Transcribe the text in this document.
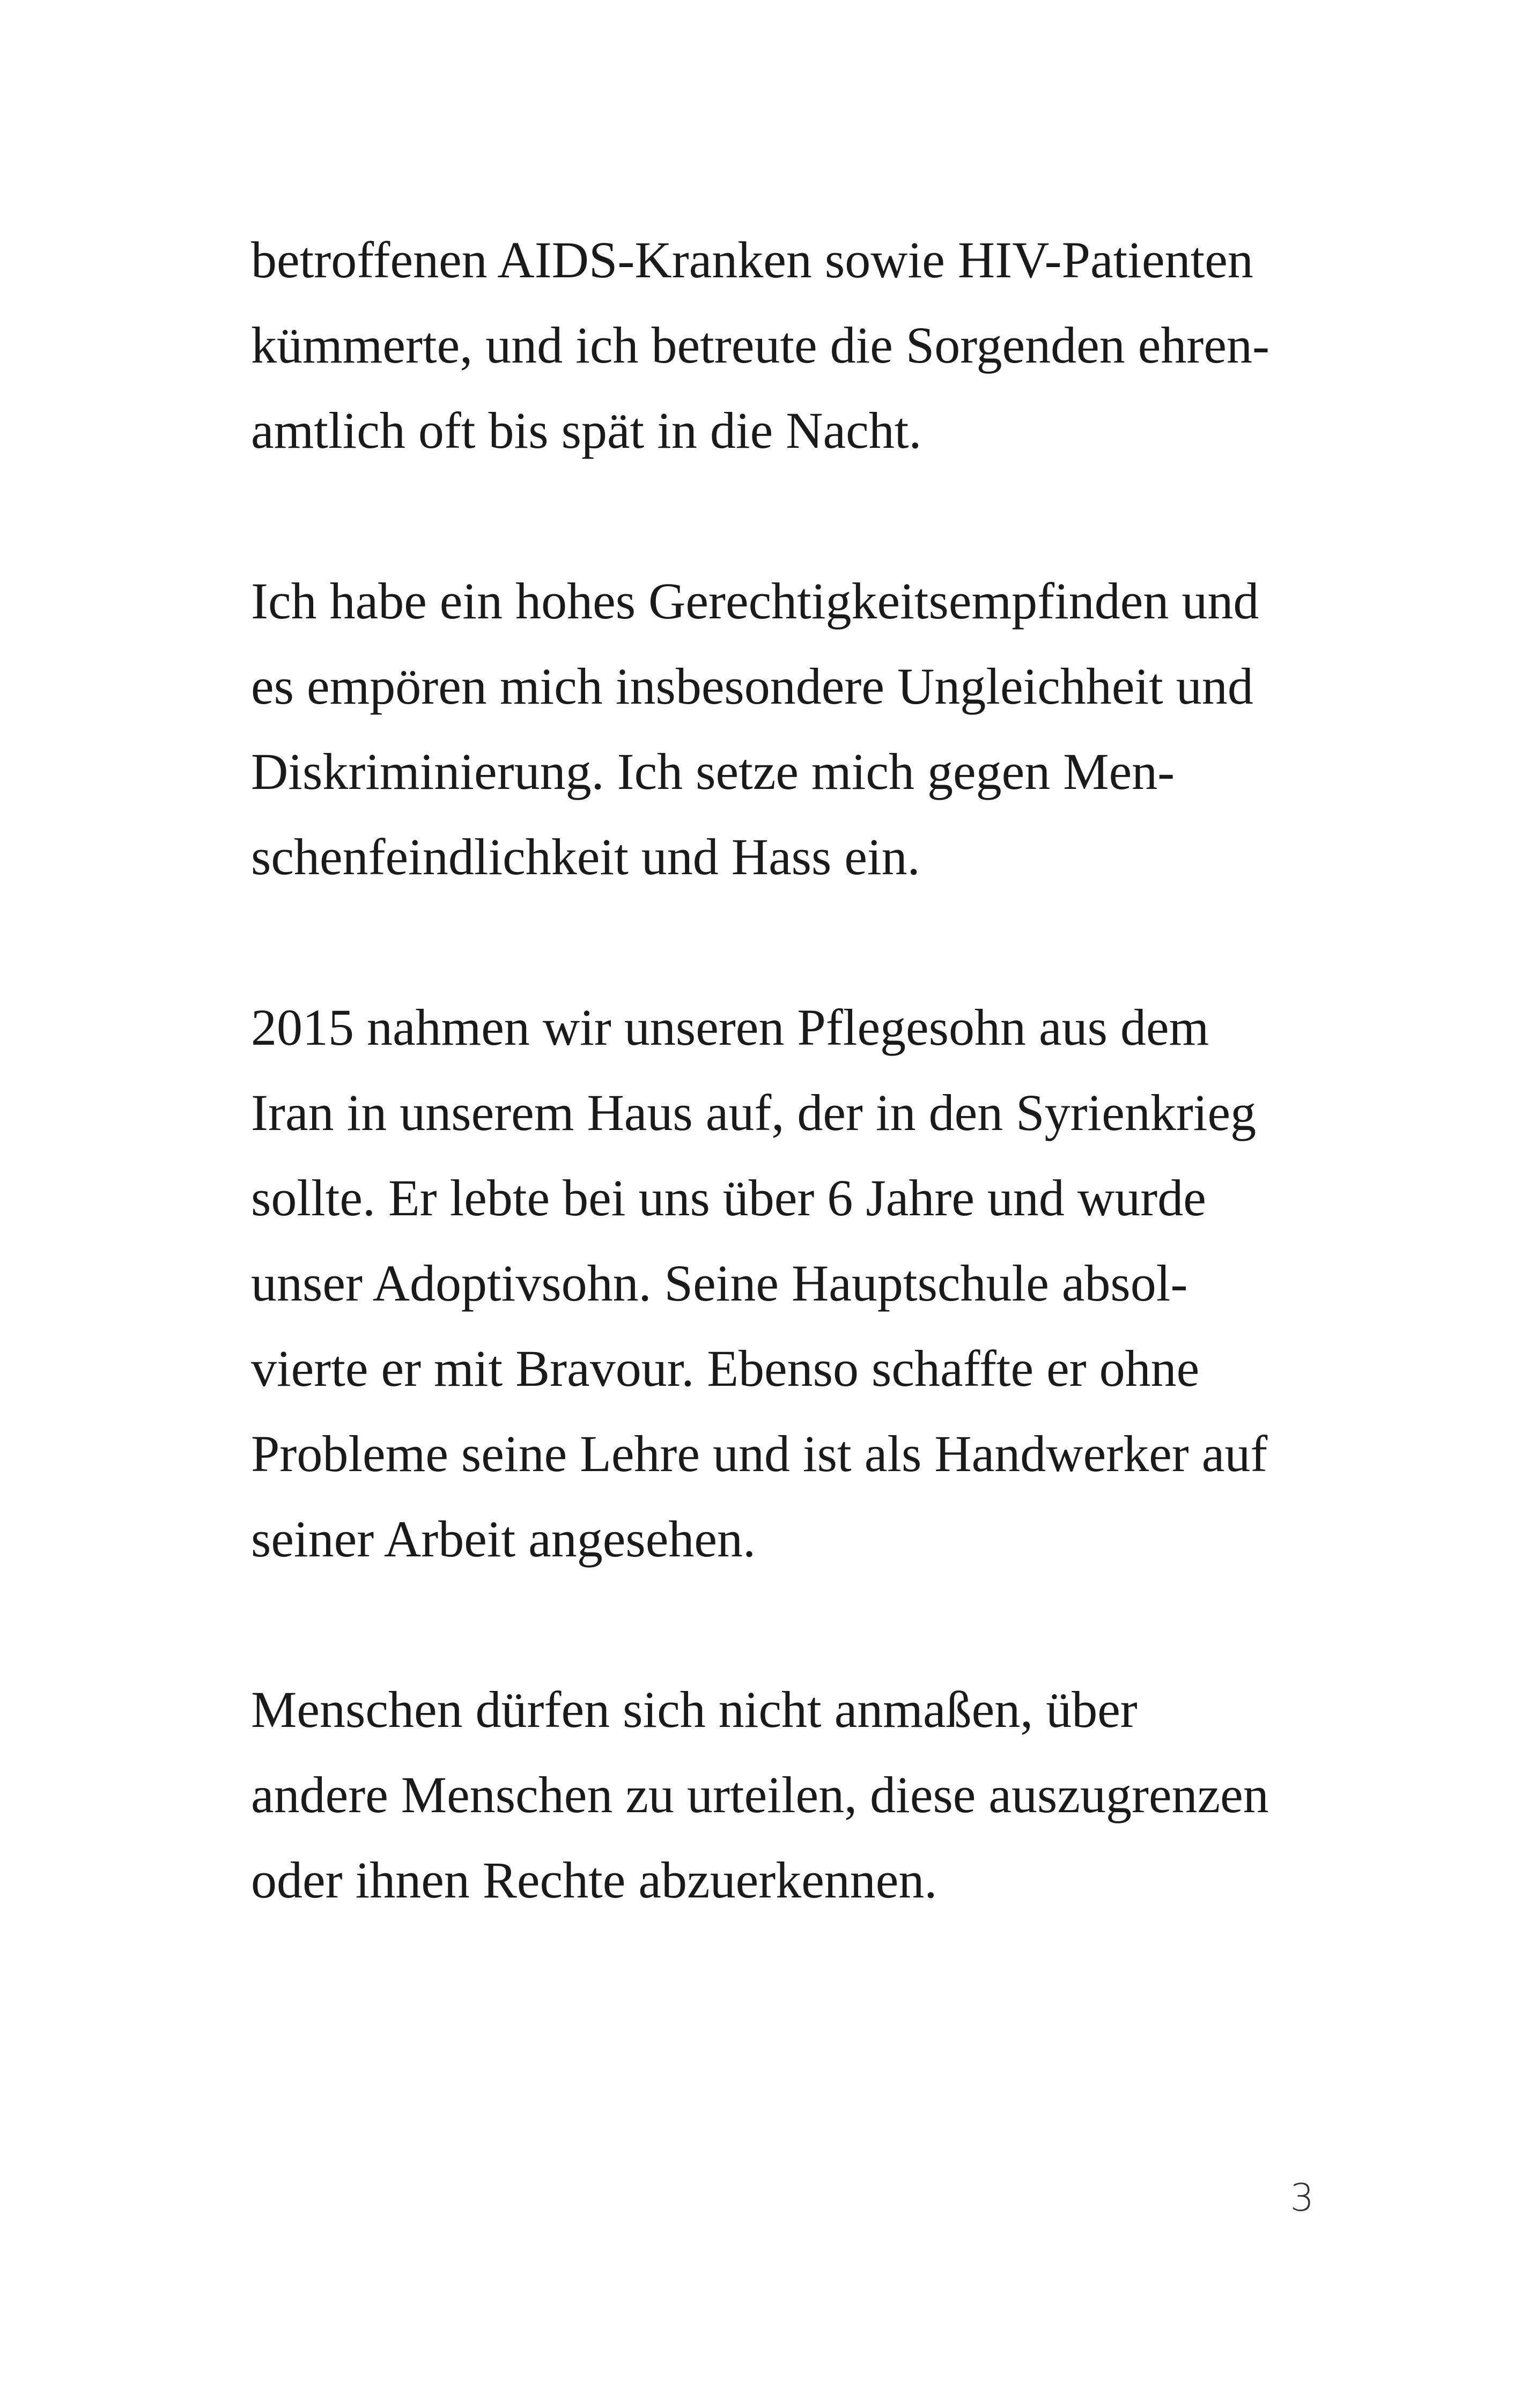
betroffenen AIDS-Kranken sowie HIV-Patienten
kümmerte, und ich betreute die Sorgenden ehren-
amtlich oft bis spät in die Nacht.

Ich habe ein hohes Gerechtigkeitsempfinden und
es empören mich insbesondere Ungleichheit und
Diskriminierung. Ich setze mich gegen Men-
schenfeindlichkeit und Hass ein.

2015 nahmen wir unseren Pflegesohn aus dem
Iran in unserem Haus auf, der in den Syrienkrieg
sollte. Er lebte bei uns über 6 Jahre und wurde
unser Adoptivsohn. Seine Hauptschule absol-
vierte er mit Bravour. Ebenso schaffte er ohne
Probleme seine Lehre und ist als Handwerker auf
seiner Arbeit angesehen.

Menschen dürfen sich nicht anmaßen, über
andere Menschen zu urteilen, diese auszugrenzen
oder ihnen Rechte abzuerkennen.

3
